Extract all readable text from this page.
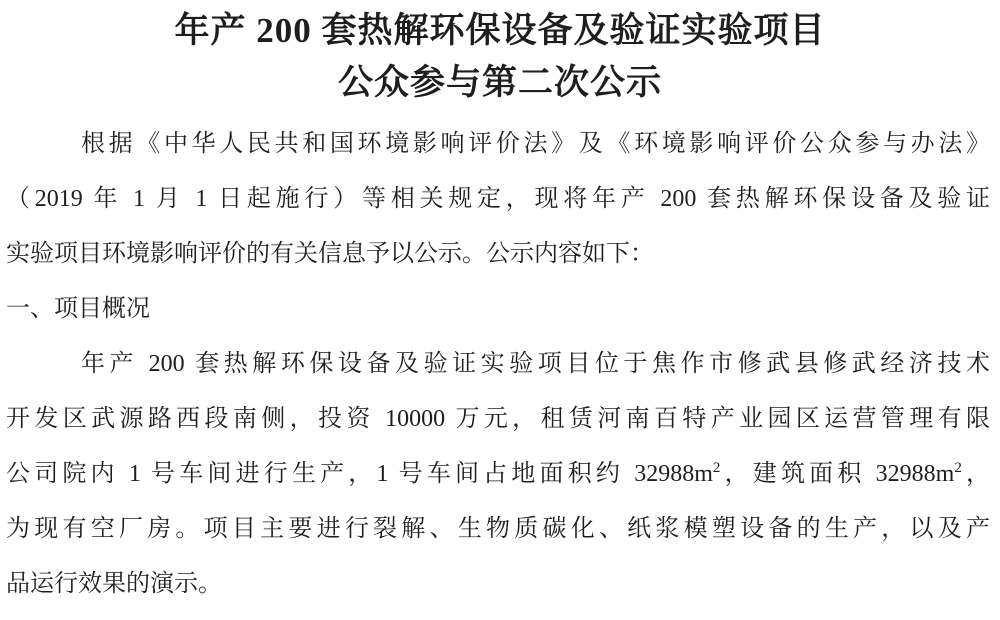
年产 200 套热解环保设备及验证实验项目
公众参与第二次公示
根据《中华人民共和国环境影响评价法》及《环境影响评价公众参与办法》
（2019 年 1 月 1 日起施行）等相关规定，现将年产 200 套热解环保设备及验证
实验项目环境影响评价的有关信息予以公示。公示内容如下：
一、项目概况
年产 200 套热解环保设备及验证实验项目位于焦作市修武县修武经济技术
开发区武源路西段南侧，投资 10000 万元，租赁河南百特产业园区运营管理有限
公司院内 1 号车间进行生产，1 号车间占地面积约 32988m2，建筑面积 32988m2，
为现有空厂房。项目主要进行裂解、生物质碳化、纸浆模塑设备的生产，以及产
品运行效果的演示。
